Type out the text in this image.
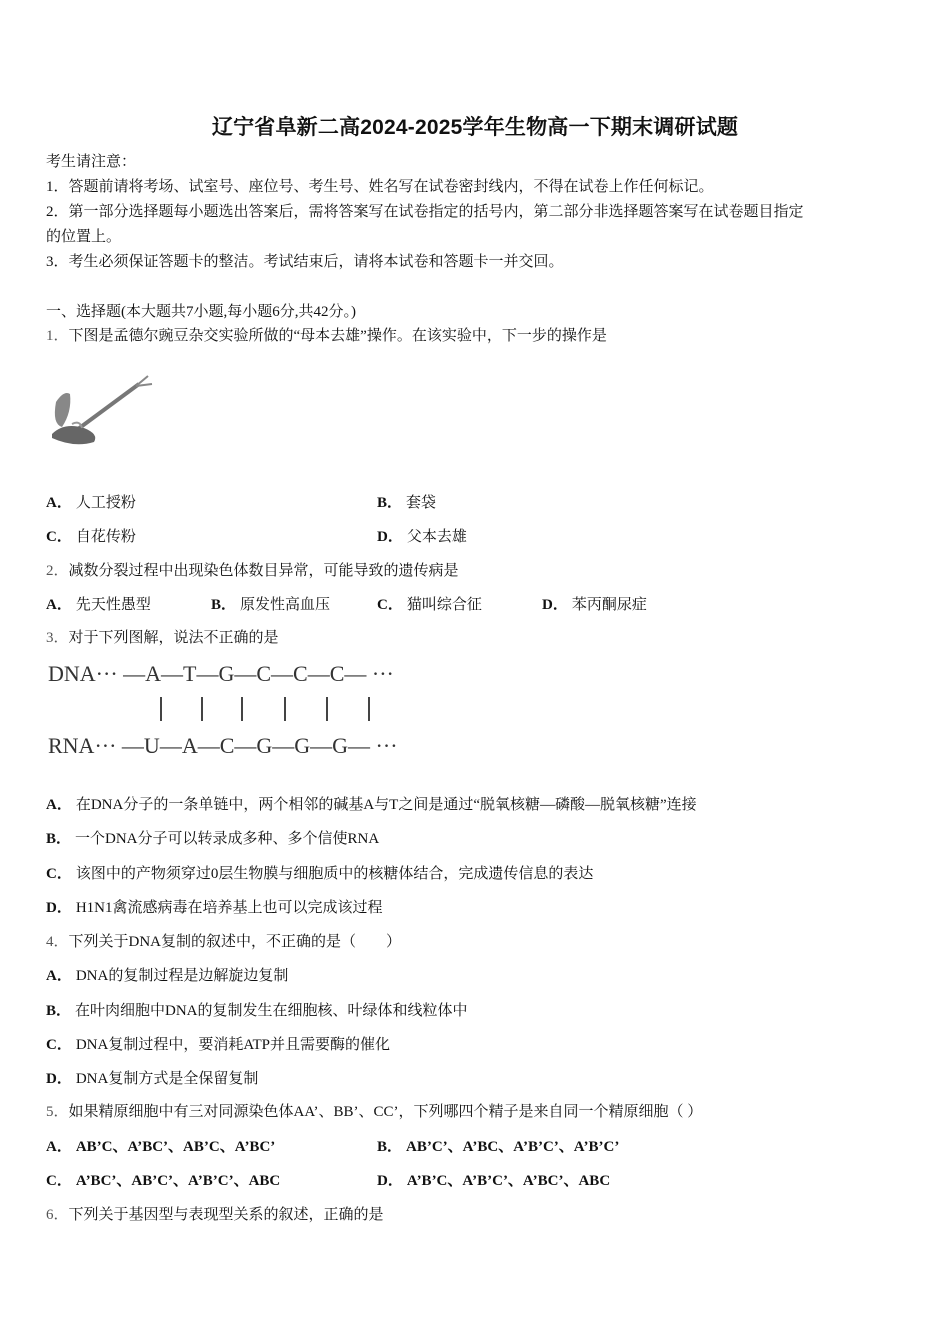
辽宁省阜新二高2024-2025学年生物高一下期末调研试题
考生请注意：
1．答题前请将考场、试室号、座位号、考生号、姓名写在试卷密封线内，不得在试卷上作任何标记。
2．第一部分选择题每小题选出答案后，需将答案写在试卷指定的括号内，第二部分非选择题答案写在试卷题目指定
的位置上。
3．考生必须保证答题卡的整洁。考试结束后，请将本试卷和答题卡一并交回。
一、选择题(本大题共7小题,每小题6分,共42分。)
1．下图是孟德尔豌豆杂交实验所做的“母本去雄”操作。在该实验中，下一步的操作是
A． 人工授粉	B． 套袋
C． 自花传粉	D． 父本去雄
2．减数分裂过程中出现染色体数目异常，可能导致的遗传病是
A． 先天性愚型	B． 原发性高血压	C． 猫叫综合征	D． 苯丙酮尿症
3．对于下列图解，说法不正确的是
DNA··· —A—T—G—C—C—C— ···
RNA··· —U—A—C—G—G—G— ···
A． 在DNA分子的一条单链中，两个相邻的碱基A与T之间是通过“脱氧核糖—磷酸—脱氧核糖”连接
B． 一个DNA分子可以转录成多种、多个信使RNA
C． 该图中的产物须穿过0层生物膜与细胞质中的核糖体结合，完成遗传信息的表达
D． H1N1禽流感病毒在培养基上也可以完成该过程
4．下列关于DNA复制的叙述中，不正确的是（　　）
A． DNA的复制过程是边解旋边复制
B． 在叶肉细胞中DNA的复制发生在细胞核、叶绿体和线粒体中
C． DNA复制过程中，要消耗ATP并且需要酶的催化
D． DNA复制方式是全保留复制
5．如果精原细胞中有三对同源染色体AA’、BB’、CC’，下列哪四个精子是来自同一个精原细胞（ ）
A． AB’C、A’BC’、AB’C、A’BC’	B． AB’C’、A’BC、A’B’C’、A’B’C’
C． A’BC’、AB’C’、A’B’C’、ABC	D． A’B’C、A’B’C’、A’BC’、ABC
6．下列关于基因型与表现型关系的叙述，正确的是
